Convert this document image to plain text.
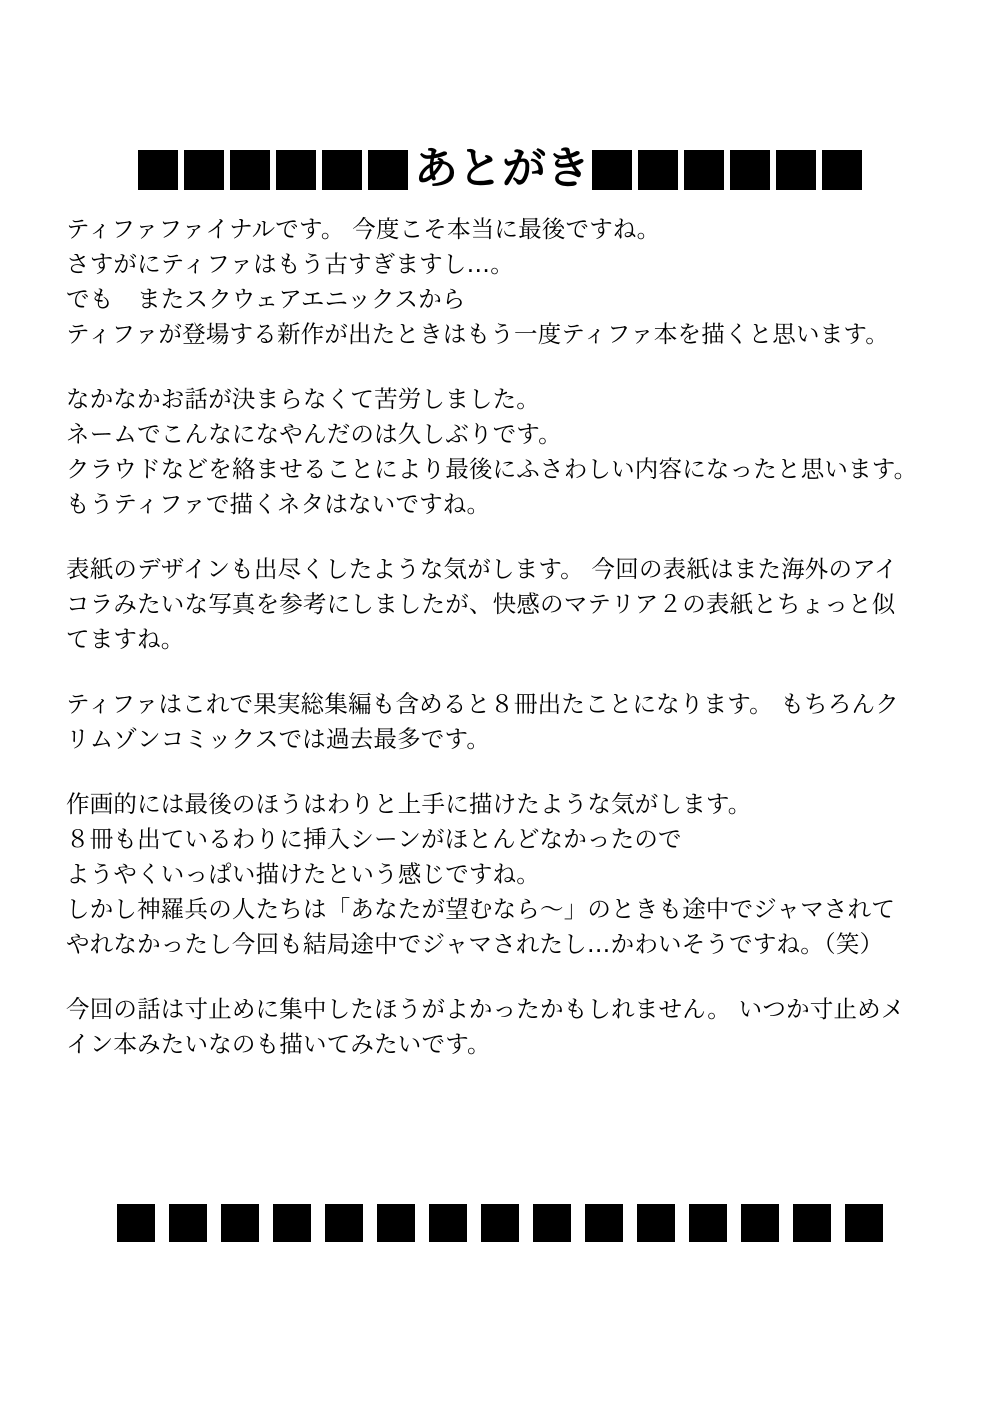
あとがき
ティファファイナルです。 今度こそ本当に最後ですね。
さすがにティファはもう古すぎますし…。
でも　またスクウェアエニックスから
ティファが登場する新作が出たときはもう一度ティファ本を描くと思います。
なかなかお話が決まらなくて苦労しました。
ネームでこんなになやんだのは久しぶりです。
クラウドなどを絡ませることにより最後にふさわしい内容になったと思います。
もうティファで描くネタはないですね。
表紙のデザインも出尽くしたような気がします。 今回の表紙はまた海外のアイ
コラみたいな写真を参考にしましたが、快感のマテリア２の表紙とちょっと似
てますね。
ティファはこれで果実総集編も含めると８冊出たことになります。 もちろんク
リムゾンコミックスでは過去最多です。
作画的には最後のほうはわりと上手に描けたような気がします。
８冊も出ているわりに挿入シーンがほとんどなかったので
ようやくいっぱい描けたという感じですね。
しかし神羅兵の人たちは「あなたが望むなら〜」のときも途中でジャマされて
やれなかったし今回も結局途中でジャマされたし…かわいそうですね。（笑）
今回の話は寸止めに集中したほうがよかったかもしれません。 いつか寸止めメ
イン本みたいなのも描いてみたいです。
